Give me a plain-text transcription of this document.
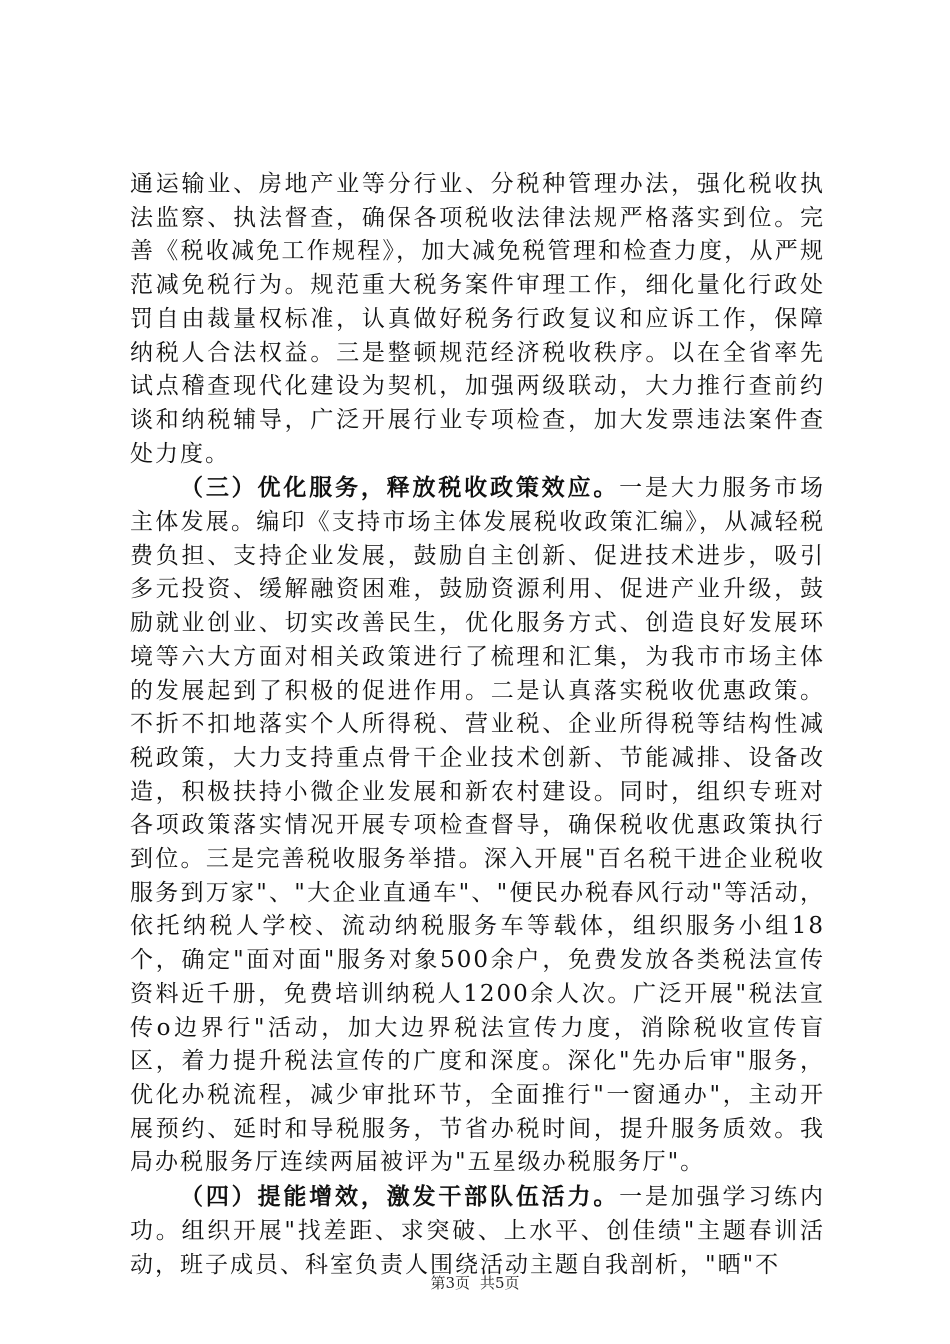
通运输业、房地产业等分行业、分税种管理办法，强化税收执法监察、执法督查，确保各项税收法律法规严格落实到位。完善《税收减免工作规程》，加大减免税管理和检查力度，从严规范减免税行为。规范重大税务案件审理工作，细化量化行政处罚自由裁量权标准，认真做好税务行政复议和应诉工作，保障纳税人合法权益。三是整顿规范经济税收秩序。以在全省率先试点稽查现代化建设为契机，加强两级联动，大力推行查前约谈和纳税辅导，广泛开展行业专项检查，加大发票违法案件查处力度。

（三）优化服务，释放税收政策效应。一是大力服务市场主体发展。编印《支持市场主体发展税收政策汇编》，从减轻税费负担、支持企业发展，鼓励自主创新、促进技术进步，吸引多元投资、缓解融资困难，鼓励资源利用、促进产业升级，鼓励就业创业、切实改善民生，优化服务方式、创造良好发展环境等六大方面对相关政策进行了梳理和汇集，为我市市场主体的发展起到了积极的促进作用。二是认真落实税收优惠政策。不折不扣地落实个人所得税、营业税、企业所得税等结构性减税政策，大力支持重点骨干企业技术创新、节能减排、设备改造，积极扶持小微企业发展和新农村建设。同时，组织专班对各项政策落实情况开展专项检查督导，确保税收优惠政策执行到位。三是完善税收服务举措。深入开展"百名税干进企业税收服务到万家"、"大企业直通车"、"便民办税春风行动"等活动，依托纳税人学校、流动纳税服务车等载体，组织服务小组18个，确定"面对面"服务对象500余户，免费发放各类税法宣传资料近千册，免费培训纳税人1200余人次。广泛开展"税法宣传o边界行"活动，加大边界税法宣传力度，消除税收宣传盲区，着力提升税法宣传的广度和深度。深化"先办后审"服务，优化办税流程，减少审批环节，全面推行"一窗通办"，主动开展预约、延时和导税服务，节省办税时间，提升服务质效。我局办税服务厅连续两届被评为"五星级办税服务厅"。

（四）提能增效，激发干部队伍活力。一是加强学习练内功。组织开展"找差距、求突破、上水平、创佳绩"主题春训活动，班子成员、科室负责人围绕活动主题自我剖析，"晒"不

第3页 共5页
